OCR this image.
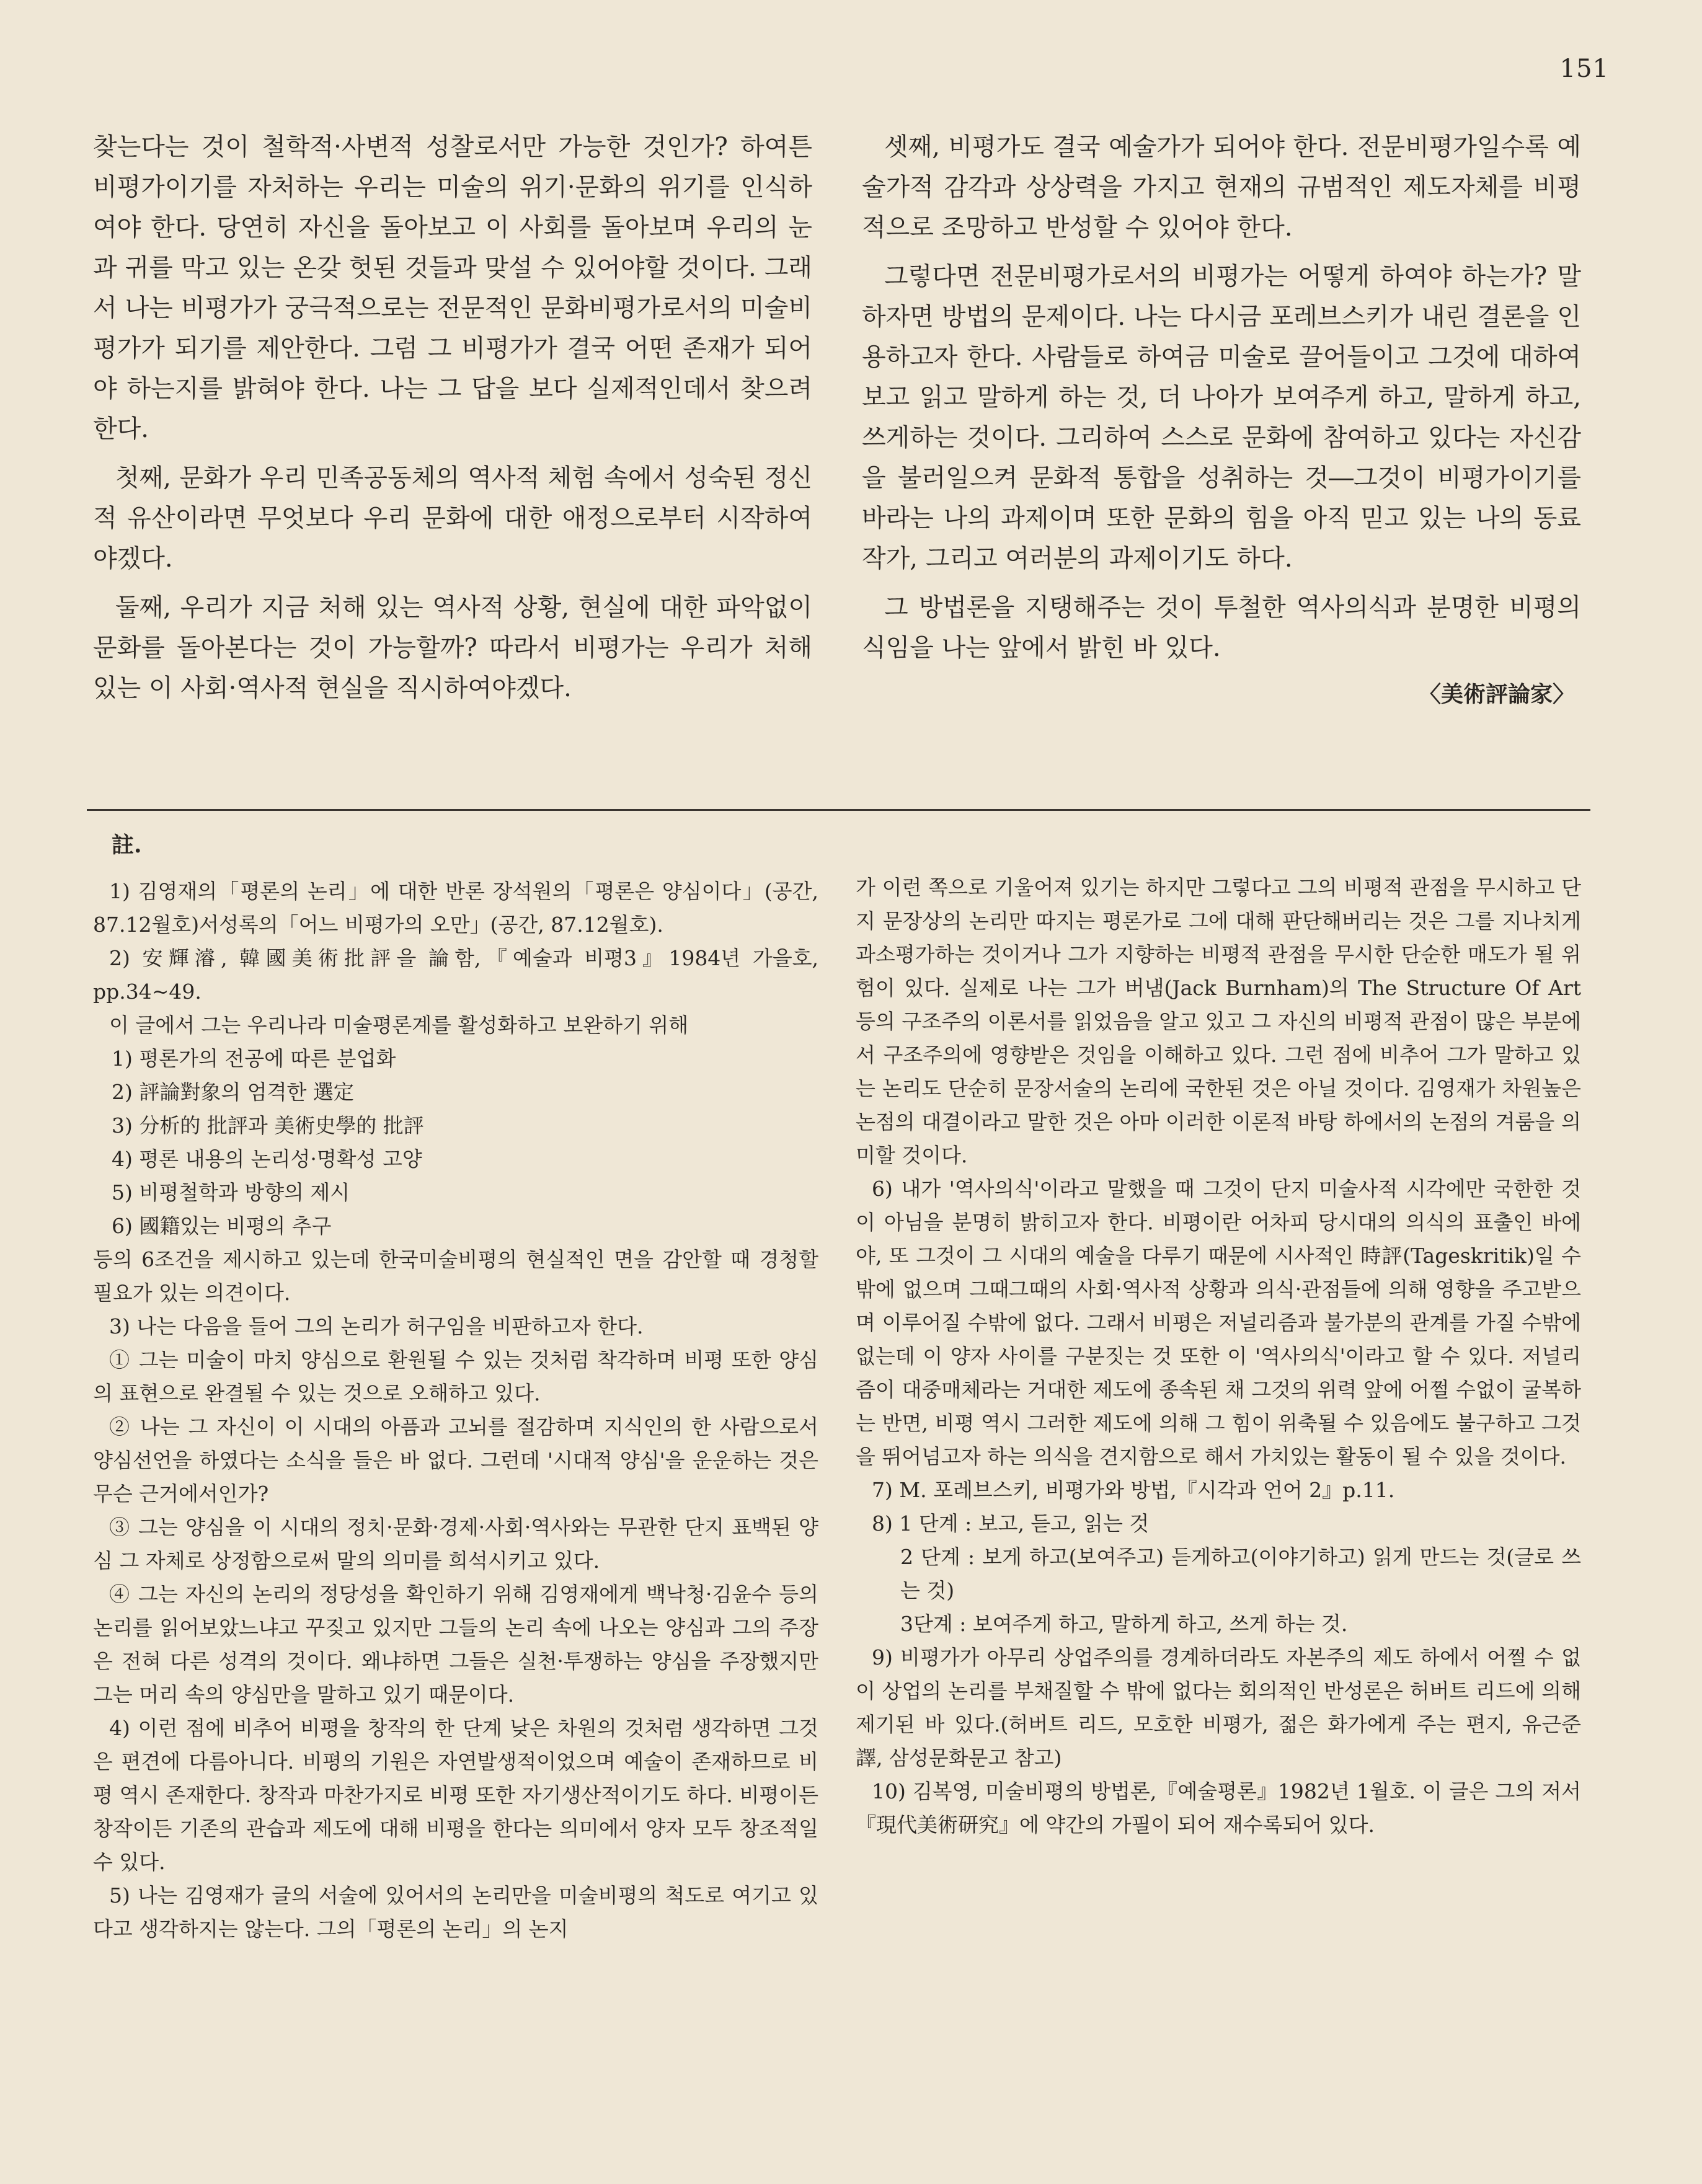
151

찾는다는 것이 철학적·사변적 성찰로서만 가능한 것인가? 하여튼 비평가이기를 자처하는 우리는 미술의 위기·문화의 위기를 인식하여야 한다. 당연히 자신을 돌아보고 이 사회를 돌아보며 우리의 눈과 귀를 막고 있는 온갖 헛된 것들과 맞설 수 있어야할 것이다. 그래서 나는 비평가가 궁극적으로는 전문적인 문화비평가로서의 미술비평가가 되기를 제안한다. 그럼 그 비평가가 결국 어떤 존재가 되어야 하는지를 밝혀야 한다. 나는 그 답을 보다 실제적인데서 찾으려 한다.

첫째, 문화가 우리 민족공동체의 역사적 체험 속에서 성숙된 정신적 유산이라면 무엇보다 우리 문화에 대한 애정으로부터 시작하여야겠다.

둘째, 우리가 지금 처해 있는 역사적 상황, 현실에 대한 파악없이 문화를 돌아본다는 것이 가능할까? 따라서 비평가는 우리가 처해 있는 이 사회·역사적 현실을 직시하여야겠다.

셋째, 비평가도 결국 예술가가 되어야 한다. 전문비평가일수록 예술가적 감각과 상상력을 가지고 현재의 규범적인 제도자체를 비평적으로 조망하고 반성할 수 있어야 한다.

그렇다면 전문비평가로서의 비평가는 어떻게 하여야 하는가? 말하자면 방법의 문제이다. 나는 다시금 포레브스키가 내린 결론을 인용하고자 한다. 사람들로 하여금 미술로 끌어들이고 그것에 대하여 보고 읽고 말하게 하는 것, 더 나아가 보여주게 하고, 말하게 하고, 쓰게하는 것이다. 그리하여 스스로 문화에 참여하고 있다는 자신감을 불러일으켜 문화적 통합을 성취하는 것―그것이 비평가이기를 바라는 나의 과제이며 또한 문화의 힘을 아직 믿고 있는 나의 동료작가, 그리고 여러분의 과제이기도 하다.

그 방법론을 지탱해주는 것이 투철한 역사의식과 분명한 비평의식임을 나는 앞에서 밝힌 바 있다.

〈美術評論家〉
註.

1) 김영재의「평론의 논리」에 대한 반론 장석원의「평론은 양심이다」(공간, 87.12월호)서성록의「어느 비평가의 오만」(공간, 87.12월호).

2) 安輝濬, 韓國美術批評을 論함,『예술과 비평3』1984년 가을호, pp.34~49.

이 글에서 그는 우리나라 미술평론계를 활성화하고 보완하기 위해

1) 평론가의 전공에 따른 분업화

2) 評論對象의 엄격한 選定

3) 分析的 批評과 美術史學的 批評

4) 평론 내용의 논리성·명확성 고양

5) 비평철학과 방향의 제시

6) 國籍있는 비평의 추구

등의 6조건을 제시하고 있는데 한국미술비평의 현실적인 면을 감안할 때 경청할 필요가 있는 의견이다.

3) 나는 다음을 들어 그의 논리가 허구임을 비판하고자 한다.

① 그는 미술이 마치 양심으로 환원될 수 있는 것처럼 착각하며 비평 또한 양심의 표현으로 완결될 수 있는 것으로 오해하고 있다.

② 나는 그 자신이 이 시대의 아픔과 고뇌를 절감하며 지식인의 한 사람으로서 양심선언을 하였다는 소식을 들은 바 없다. 그런데 '시대적 양심'을 운운하는 것은 무슨 근거에서인가?

③ 그는 양심을 이 시대의 정치·문화·경제·사회·역사와는 무관한 단지 표백된 양심 그 자체로 상정함으로써 말의 의미를 희석시키고 있다.

④ 그는 자신의 논리의 정당성을 확인하기 위해 김영재에게 백낙청·김윤수 등의 논리를 읽어보았느냐고 꾸짖고 있지만 그들의 논리 속에 나오는 양심과 그의 주장은 전혀 다른 성격의 것이다. 왜냐하면 그들은 실천·투쟁하는 양심을 주장했지만 그는 머리 속의 양심만을 말하고 있기 때문이다.

4) 이런 점에 비추어 비평을 창작의 한 단계 낮은 차원의 것처럼 생각하면 그것은 편견에 다름아니다. 비평의 기원은 자연발생적이었으며 예술이 존재하므로 비평 역시 존재한다. 창작과 마찬가지로 비평 또한 자기생산적이기도 하다. 비평이든 창작이든 기존의 관습과 제도에 대해 비평을 한다는 의미에서 양자 모두 창조적일 수 있다.

5) 나는 김영재가 글의 서술에 있어서의 논리만을 미술비평의 척도로 여기고 있다고 생각하지는 않는다. 그의「평론의 논리」의 논지

가 이런 쪽으로 기울어져 있기는 하지만 그렇다고 그의 비평적 관점을 무시하고 단지 문장상의 논리만 따지는 평론가로 그에 대해 판단해버리는 것은 그를 지나치게 과소평가하는 것이거나 그가 지향하는 비평적 관점을 무시한 단순한 매도가 될 위험이 있다. 실제로 나는 그가 버냄(Jack Burnham)의 The Structure Of Art 등의 구조주의 이론서를 읽었음을 알고 있고 그 자신의 비평적 관점이 많은 부분에서 구조주의에 영향받은 것임을 이해하고 있다. 그런 점에 비추어 그가 말하고 있는 논리도 단순히 문장서술의 논리에 국한된 것은 아닐 것이다. 김영재가 차원높은 논점의 대결이라고 말한 것은 아마 이러한 이론적 바탕 하에서의 논점의 겨룸을 의미할 것이다.

6) 내가 '역사의식'이라고 말했을 때 그것이 단지 미술사적 시각에만 국한한 것이 아님을 분명히 밝히고자 한다. 비평이란 어차피 당시대의 의식의 표출인 바에야, 또 그것이 그 시대의 예술을 다루기 때문에 시사적인 時評(Tageskritik)일 수밖에 없으며 그때그때의 사회·역사적 상황과 의식·관점들에 의해 영향을 주고받으며 이루어질 수밖에 없다. 그래서 비평은 저널리즘과 불가분의 관계를 가질 수밖에 없는데 이 양자 사이를 구분짓는 것 또한 이 '역사의식'이라고 할 수 있다. 저널리즘이 대중매체라는 거대한 제도에 종속된 채 그것의 위력 앞에 어쩔 수없이 굴복하는 반면, 비평 역시 그러한 제도에 의해 그 힘이 위축될 수 있음에도 불구하고 그것을 뛰어넘고자 하는 의식을 견지함으로 해서 가치있는 활동이 될 수 있을 것이다.

7) M. 포레브스키, 비평가와 방법,『시각과 언어 2』p.11.

8) 1 단계 : 보고, 듣고, 읽는 것

2 단계 : 보게 하고(보여주고) 듣게하고(이야기하고) 읽게 만드는 것(글로 쓰는 것)

3단계 : 보여주게 하고, 말하게 하고, 쓰게 하는 것.

9) 비평가가 아무리 상업주의를 경계하더라도 자본주의 제도 하에서 어쩔 수 없이 상업의 논리를 부채질할 수 밖에 없다는 회의적인 반성론은 허버트 리드에 의해 제기된 바 있다.(허버트 리드, 모호한 비평가, 젊은 화가에게 주는 편지, 유근준 譯, 삼성문화문고 참고)

10) 김복영, 미술비평의 방법론,『예술평론』1982년 1월호. 이 글은 그의 저서『現代美術研究』에 약간의 가필이 되어 재수록되어 있다.
